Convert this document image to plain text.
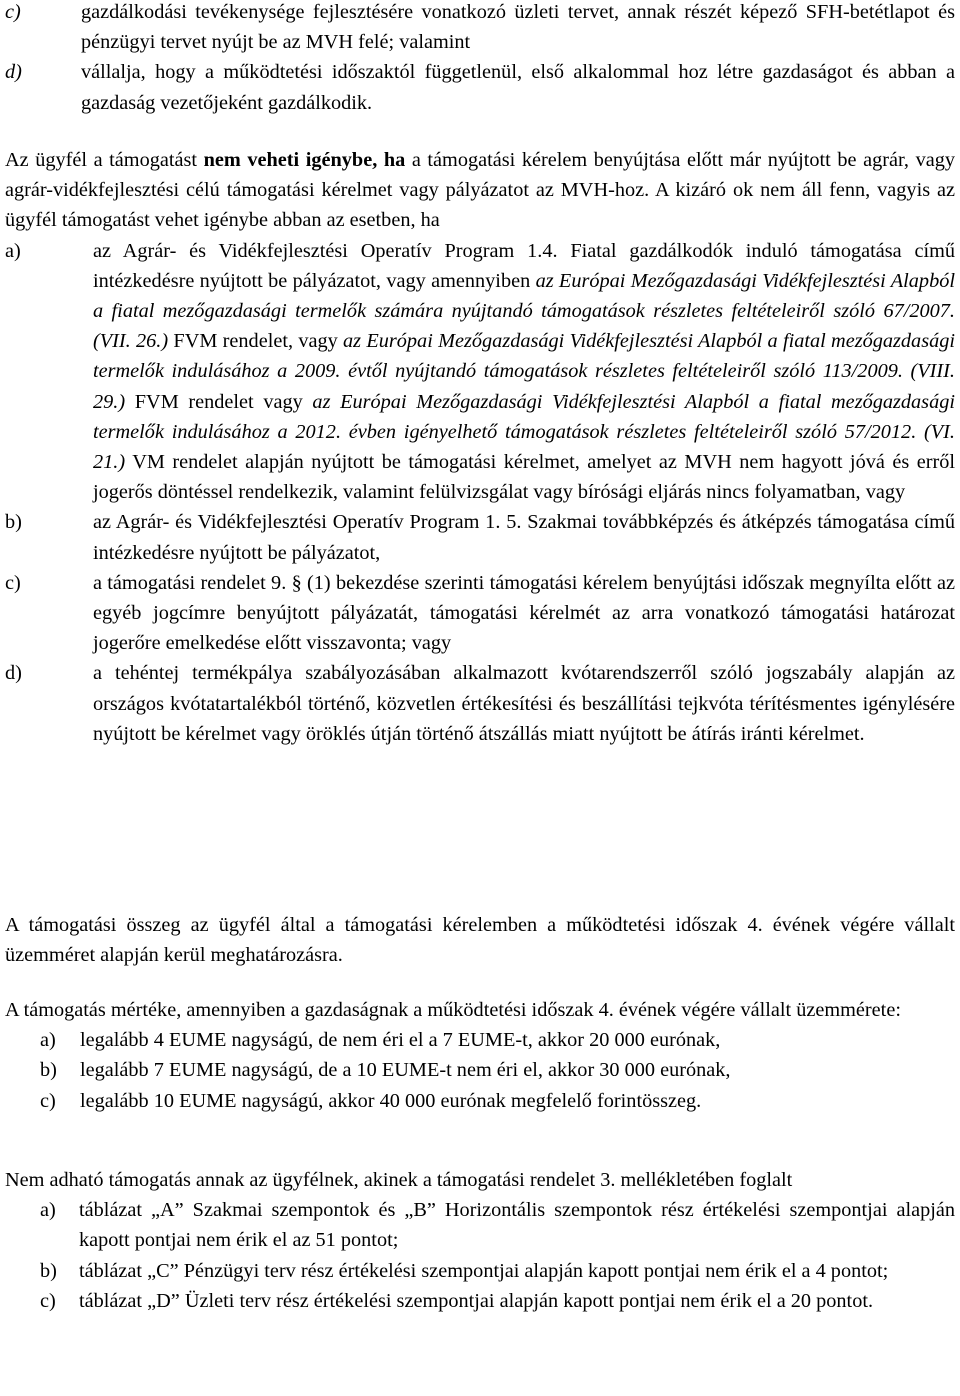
c)	gazdálkodási tevékenysége fejlesztésére vonatkozó üzleti tervet, annak részét képező SFH-betétlapot és pénzügyi tervet nyújt be az MVH felé; valamint
d)	vállalja, hogy a működtetési időszaktól függetlenül, első alkalommal hoz létre gazdaságot és abban a gazdaság vezetőjeként gazdálkodik.

Az ügyfél a támogatást nem veheti igénybe, ha a támogatási kérelem benyújtása előtt már nyújtott be agrár, vagy agrár-vidékfejlesztési célú támogatási kérelmet vagy pályázatot az MVH-hoz. A kizáró ok nem áll fenn, vagyis az ügyfél támogatást vehet igénybe abban az esetben, ha

a)	az Agrár- és Vidékfejlesztési Operatív Program 1.4. Fiatal gazdálkodók induló támogatása című intézkedésre nyújtott be pályázatot, vagy amennyiben az Európai Mezőgazdasági Vidékfejlesztési Alapból a fiatal mezőgazdasági termelők számára nyújtandó támogatások részletes feltételeiről szóló 67/2007. (VII. 26.) FVM rendelet, vagy az Európai Mezőgazdasági Vidékfejlesztési Alapból a fiatal mezőgazdasági termelők indulásához a 2009. évtől nyújtandó támogatások részletes feltételeiről szóló 113/2009. (VIII. 29.) FVM rendelet vagy az Európai Mezőgazdasági Vidékfejlesztési Alapból a fiatal mezőgazdasági termelők indulásához a 2012. évben igényelhető támogatások részletes feltételeiről szóló 57/2012. (VI. 21.) VM rendelet alapján nyújtott be támogatási kérelmet, amelyet az MVH nem hagyott jóvá és erről jogerős döntéssel rendelkezik, valamint felülvizsgálat vagy bírósági eljárás nincs folyamatban, vagy
b)	az Agrár- és Vidékfejlesztési Operatív Program 1. 5. Szakmai továbbképzés és átképzés támogatása című intézkedésre nyújtott be pályázatot,
c)	a támogatási rendelet 9. § (1) bekezdése szerinti támogatási kérelem benyújtási időszak megnyílta előtt az egyéb jogcímre benyújtott pályázatát, támogatási kérelmét az arra vonatkozó támogatási határozat jogerőre emelkedése előtt visszavonta; vagy
d)	a tehéntej termékpálya szabályozásában alkalmazott kvótarendszerről szóló jogszabály alapján az országos kvótatartalékból történő, közvetlen értékesítési és beszállítási tejkvóta térítésmentes igénylésére nyújtott be kérelmet vagy öröklés útján történő átszállás miatt nyújtott be átírás iránti kérelmet.

A támogatási összeg az ügyfél által a támogatási kérelemben a működtetési időszak 4. évének végére vállalt üzemméret alapján kerül meghatározásra.

A támogatás mértéke, amennyiben a gazdaságnak a működtetési időszak 4. évének végére vállalt üzemmérete:

a)	legalább 4 EUME nagyságú, de nem éri el a 7 EUME-t, akkor 20 000 eurónak,
b)	legalább 7 EUME nagyságú, de a 10 EUME-t nem éri el, akkor 30 000 eurónak,
c)	legalább 10 EUME nagyságú, akkor 40 000 eurónak megfelelő forintösszeg.

Nem adható támogatás annak az ügyfélnek, akinek a támogatási rendelet 3. mellékletében foglalt

a)	táblázat „A” Szakmai szempontok és „B” Horizontális szempontok rész értékelési szempontjai alapján kapott pontjai nem érik el az 51 pontot;
b)	táblázat „C” Pénzügyi terv rész értékelési szempontjai alapján kapott pontjai nem érik el a 4 pontot;
c)	táblázat „D” Üzleti terv rész értékelési szempontjai alapján kapott pontjai nem érik el a 20 pontot.
